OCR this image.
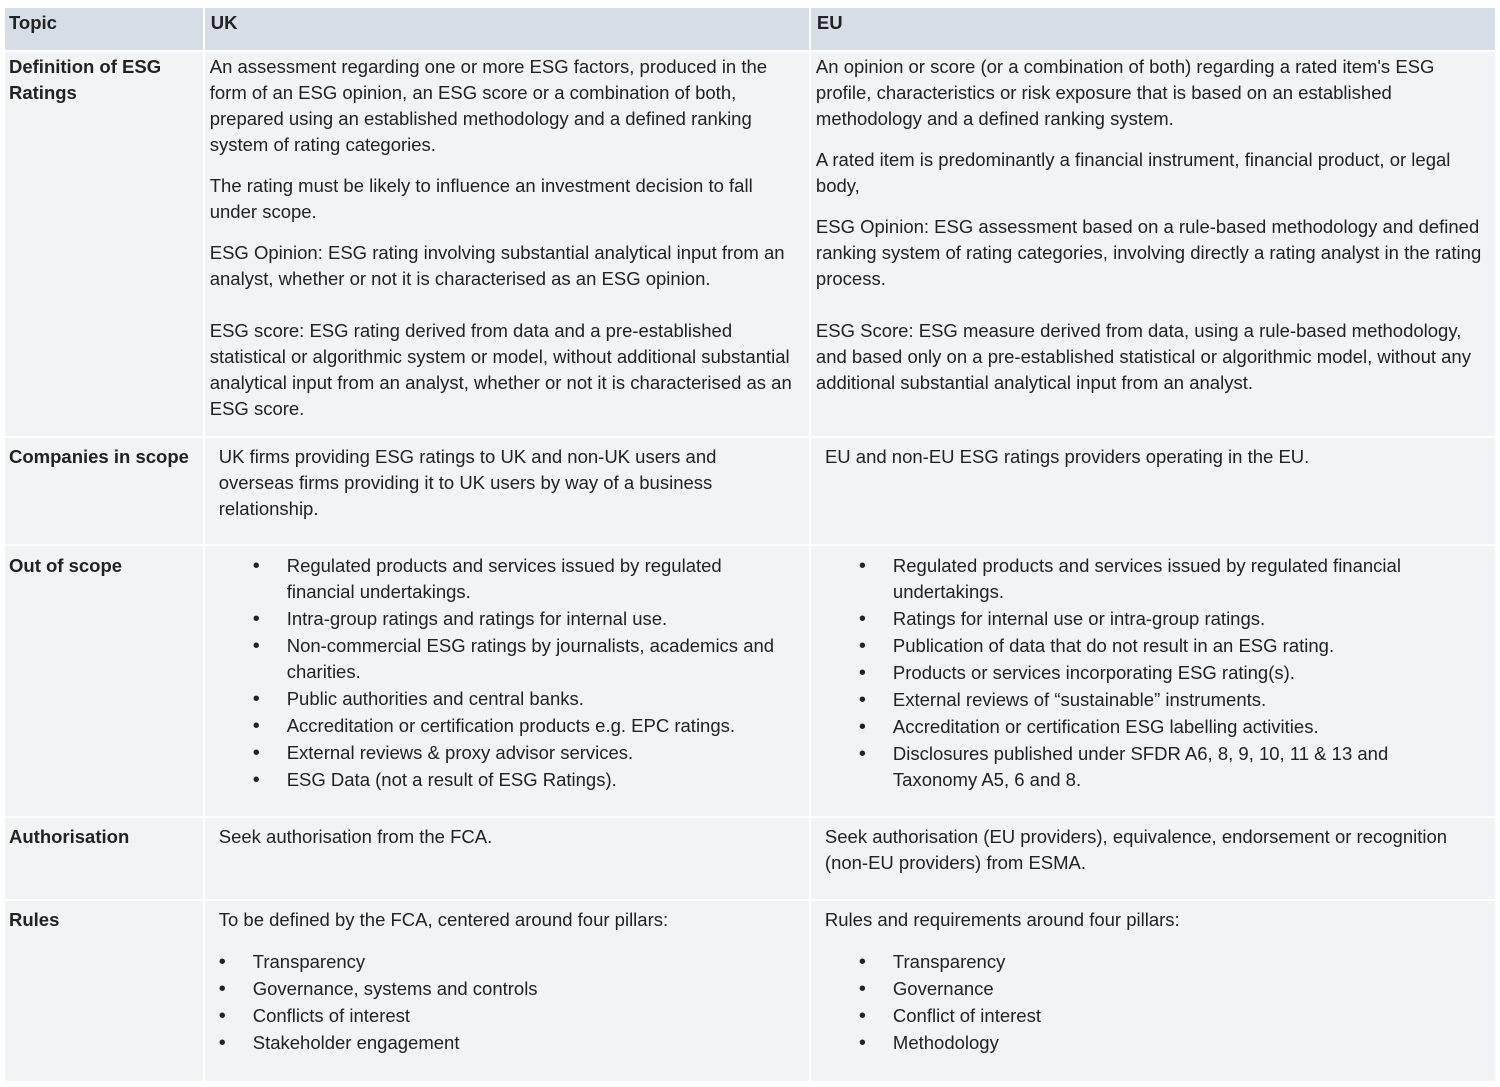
Topic	UK	EU
Definition of ESG Ratings

An assessment regarding one or more ESG factors, produced in the form of an ESG opinion, an ESG score or a combination of both, prepared using an established methodology and a defined ranking system of rating categories.

The rating must be likely to influence an investment decision to fall under scope.

ESG Opinion: ESG rating involving substantial analytical input from an analyst, whether or not it is characterised as an ESG opinion.

ESG score: ESG rating derived from data and a pre-established statistical or algorithmic system or model, without additional substantial analytical input from an analyst, whether or not it is characterised as an ESG score.

An opinion or score (or a combination of both) regarding a rated item's ESG profile, characteristics or risk exposure that is based on an established methodology and a defined ranking system.

A rated item is predominantly a financial instrument, financial product, or legal body,

ESG Opinion: ESG assessment based on a rule-based methodology and defined ranking system of rating categories, involving directly a rating analyst in the rating process.

ESG Score: ESG measure derived from data, using a rule-based methodology, and based only on a pre-established statistical or algorithmic model, without any additional substantial analytical input from an analyst.

Companies in scope	UK firms providing ESG ratings to UK and non-UK users and overseas firms providing it to UK users by way of a business relationship.
EU and non-EU ESG ratings providers operating in the EU.
Out of scope
•	Regulated products and services issued by regulated financial undertakings.
• Intra-group ratings and ratings for internal use.
• Non-commercial ESG ratings by journalists, academics and charities.
• Public authorities and central banks.
• Accreditation or certification products e.g. EPC ratings.
• External reviews & proxy advisor services.
• ESG Data (not a result of ESG Ratings).
• Regulated products and services issued by regulated financial undertakings.
• Ratings for internal use or intra-group ratings.
• Publication of data that do not result in an ESG rating.
• Products or services incorporating ESG rating(s).
• External reviews of “sustainable” instruments.
• Accreditation or certification ESG labelling activities.
• Disclosures published under SFDR A6, 8, 9, 10, 11 & 13 and Taxonomy A5, 6 and 8.
Authorisation	Seek authorisation from the FCA.	Seek authorisation (EU providers), equivalence, endorsement or recognition (non-EU providers) from ESMA.
Rules	To be defined by the FCA, centered around four pillars:

• Transparency
• Governance, systems and controls
• Conflicts of interest
• Stakeholder engagement

Rules and requirements around four pillars:

• Transparency
• Governance
• Conflict of interest
• Methodology
